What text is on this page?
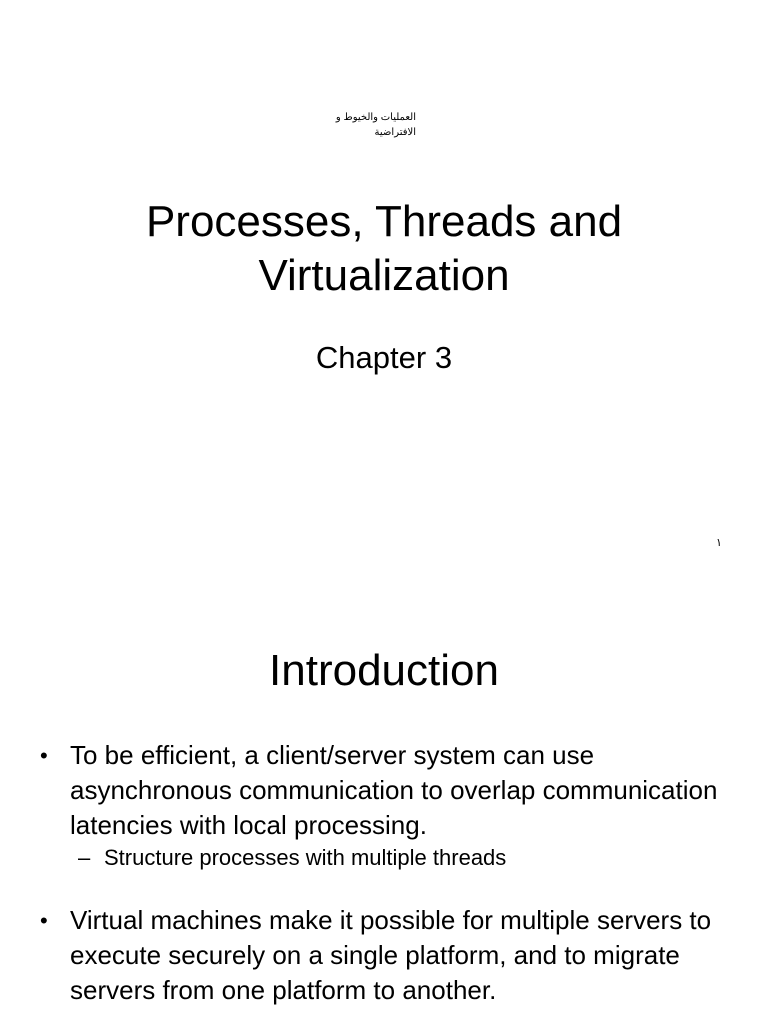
العمليات والخيوط و الافتراضية
Processes, Threads and
Virtualization
Chapter 3
١
Introduction
• To be efficient, a client/server system can use asynchronous communication to overlap communication latencies with local processing.
– Structure processes with multiple threads
• Virtual machines make it possible for multiple servers to execute securely on a single platform, and to migrate servers from one platform to another.
